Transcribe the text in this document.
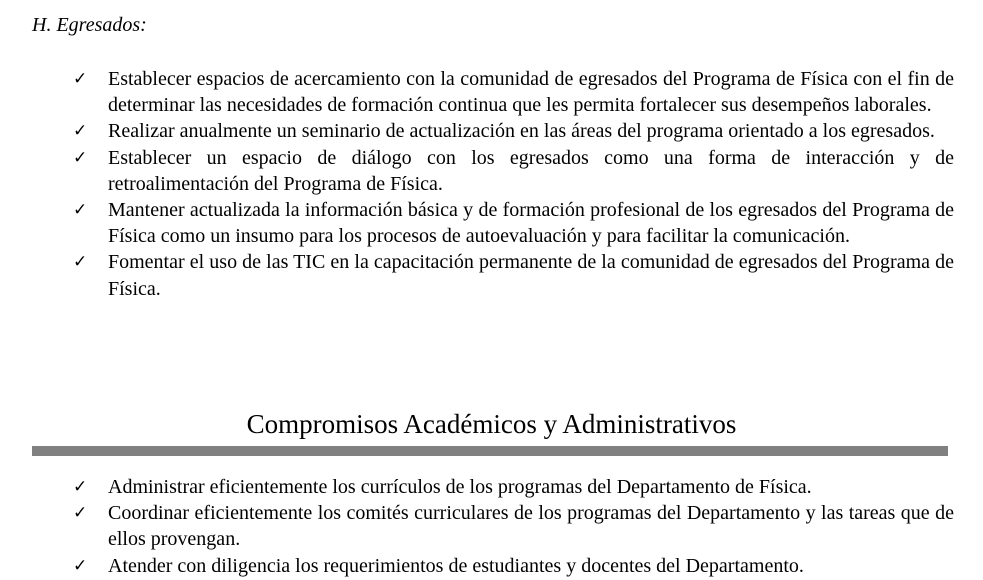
H. Egresados:

✓ Establecer espacios de acercamiento con la comunidad de egresados del Programa de Física con el fin de determinar las necesidades de formación continua que les permita fortalecer sus desempeños laborales.
✓ Realizar anualmente un seminario de actualización en las áreas del programa orientado a los egresados.
✓ Establecer un espacio de diálogo con los egresados como una forma de interacción y de retroalimentación del Programa de Física.
✓ Mantener actualizada la información básica y de formación profesional de los egresados del Programa de Física como un insumo para los procesos de autoevaluación y para facilitar la comunicación.
✓ Fomentar el uso de las TIC en la capacitación permanente de la comunidad de egresados del Programa de Física.
Compromisos Académicos y Administrativos
✓ Administrar eficientemente los currículos de los programas del Departamento de Física.
✓ Coordinar eficientemente los comités curriculares de los programas del Departamento y las tareas que de ellos provengan.
✓ Atender con diligencia los requerimientos de estudiantes y docentes del Departamento.
